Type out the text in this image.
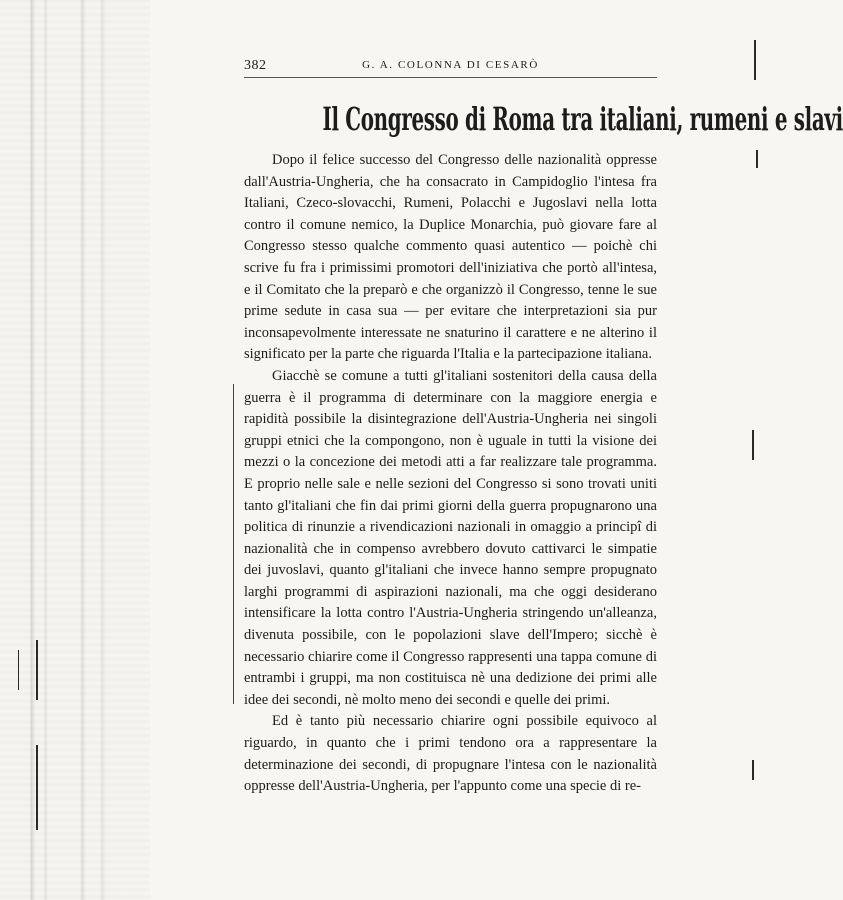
382	G. A. COLONNA DI CESARÒ
Il Congresso di Roma tra italiani, rumeni e slavi

Dopo il felice successo del Congresso delle nazionalità oppresse dall'Austria-Ungheria, che ha consacrato in Campidoglio l'intesa fra Italiani, Czeco-slovacchi, Rumeni, Polacchi e Jugoslavi nella lotta contro il comune nemico, la Duplice Monarchia, può giovare fare al Congresso stesso qualche commento quasi autentico — poichè chi scrive fu fra i primissimi promotori dell'iniziativa che portò all'intesa, e il Comitato che la preparò e che organizzò il Congresso, tenne le sue prime sedute in casa sua — per evitare che interpretazioni sia pur inconsapevolmente interessate ne snaturino il carattere e ne alterino il significato per la parte che riguarda l'Italia e la partecipazione italiana.

Giacchè se comune a tutti gl'italiani sostenitori della causa della guerra è il programma di determinare con la maggiore energia e rapidità possibile la disintegrazione dell'Austria-Ungheria nei singoli gruppi etnici che la compongono, non è uguale in tutti la visione dei mezzi o la concezione dei metodi atti a far realizzare tale programma. E proprio nelle sale e nelle sezioni del Congresso si sono trovati uniti tanto gl'italiani che fin dai primi giorni della guerra propugnarono una politica di rinunzie a rivendicazioni nazionali in omaggio a principî di nazionalità che in compenso avrebbero dovuto cattivarci le simpatie dei juvoslavi, quanto gl'italiani che invece hanno sempre propugnato larghi programmi di aspirazioni nazionali, ma che oggi desiderano intensificare la lotta contro l'Austria-Ungheria stringendo un'alleanza, divenuta possibile, con le popolazioni slave dell'Impero; sicchè è necessario chiarire come il Congresso rappresenti una tappa comune di entrambi i gruppi, ma non costituisca nè una dedizione dei primi alle idee dei secondi, nè molto meno dei secondi e quelle dei primi.

Ed è tanto più necessario chiarire ogni possibile equivoco al riguardo, in quanto che i primi tendono ora a rappresentare la determinazione dei secondi, di propugnare l'intesa con le nazionalità oppresse dell'Austria-Ungheria, per l'appunto come una specie di re-
